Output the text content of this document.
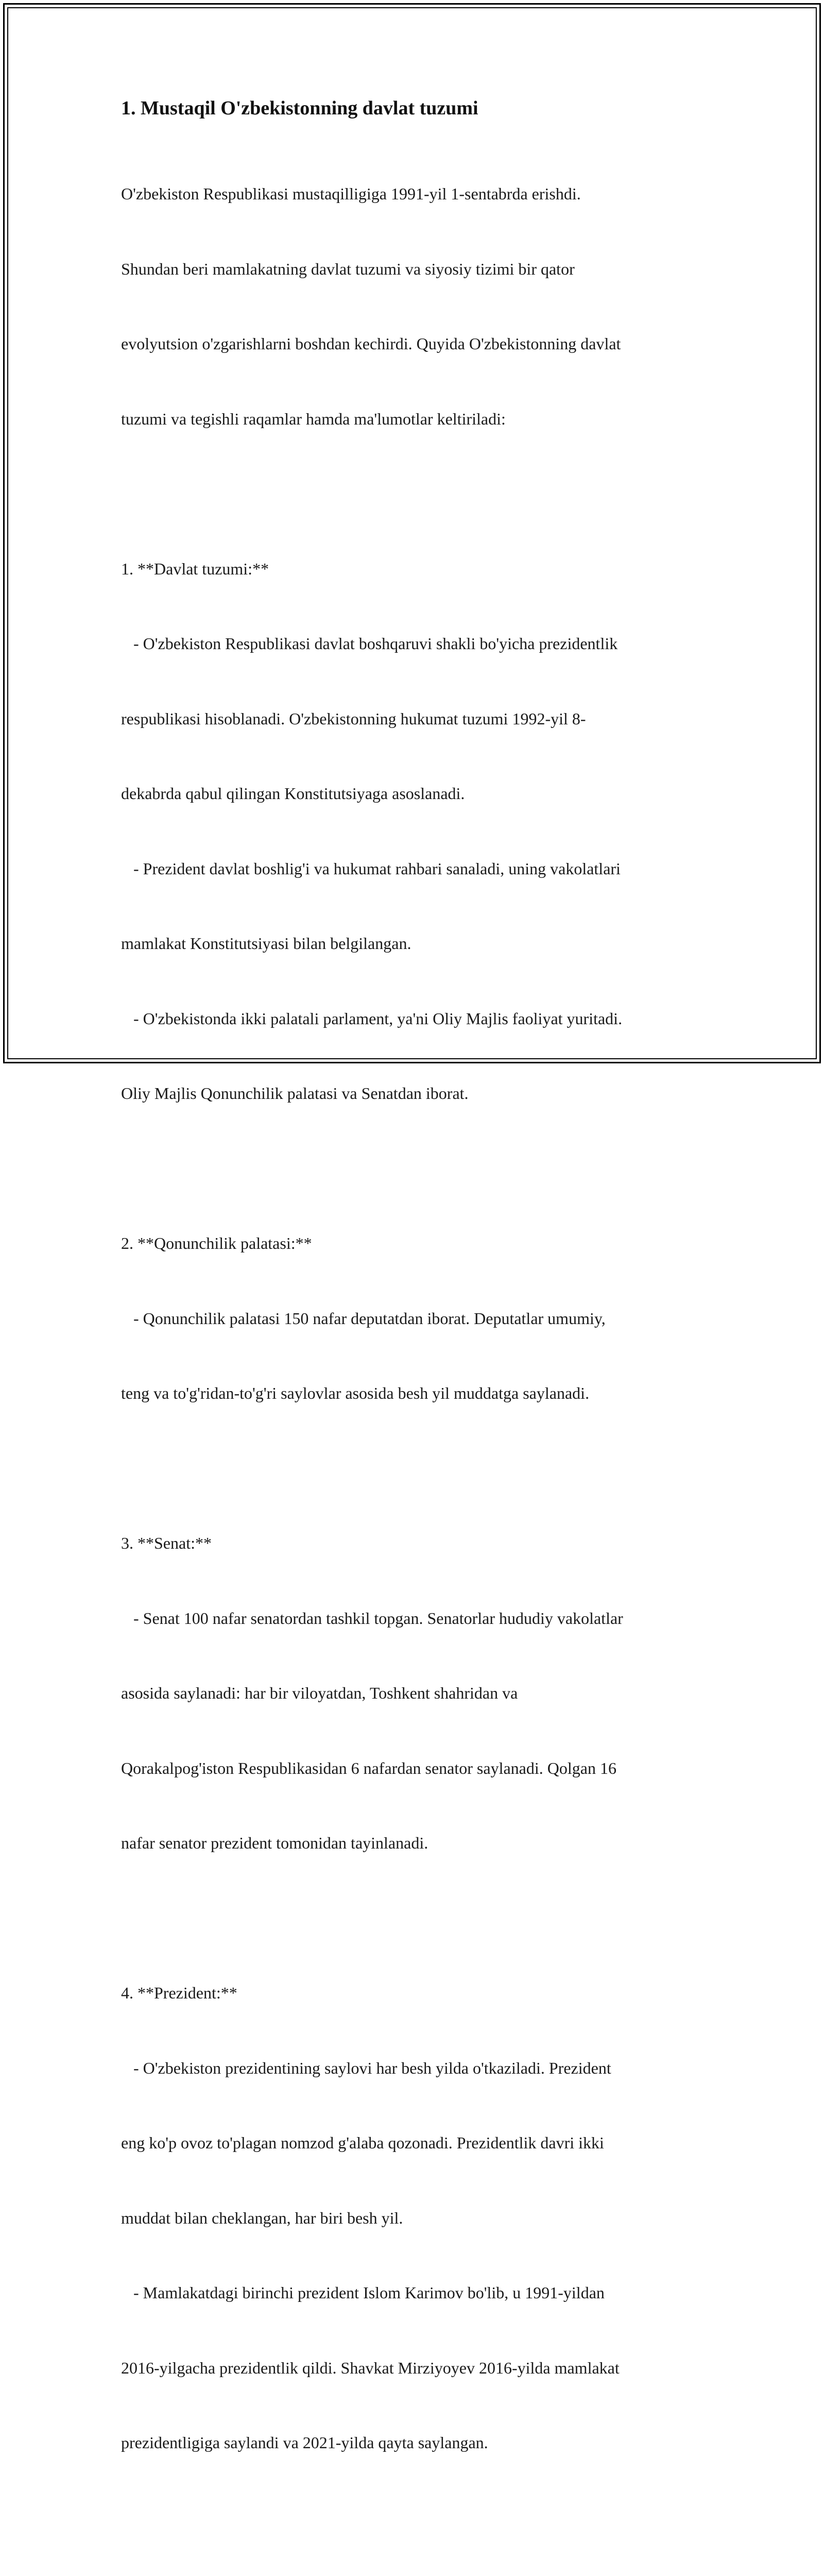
1. Mustaqil O'zbekistonning davlat tuzumi

O'zbekiston Respublikasi mustaqilligiga 1991-yil 1-sentabrda erishdi.

Shundan beri mamlakatning davlat tuzumi va siyosiy tizimi bir qator

evolyutsion o'zgarishlarni boshdan kechirdi. Quyida O'zbekistonning davlat

tuzumi va tegishli raqamlar hamda ma'lumotlar keltiriladi:

1. **Davlat tuzumi:**

- O'zbekiston Respublikasi davlat boshqaruvi shakli bo'yicha prezidentlik

respublikasi hisoblanadi. O'zbekistonning hukumat tuzumi 1992-yil 8-

dekabrda qabul qilingan Konstitutsiyaga asoslanadi.

- Prezident davlat boshlig'i va hukumat rahbari sanaladi, uning vakolatlari

mamlakat Konstitutsiyasi bilan belgilangan.

- O'zbekistonda ikki palatali parlament, ya'ni Oliy Majlis faoliyat yuritadi.

Oliy Majlis Qonunchilik palatasi va Senatdan iborat.

2. **Qonunchilik palatasi:**

- Qonunchilik palatasi 150 nafar deputatdan iborat. Deputatlar umumiy,

teng va to'g'ridan-to'g'ri saylovlar asosida besh yil muddatga saylanadi.

3. **Senat:**

- Senat 100 nafar senatordan tashkil topgan. Senatorlar hududiy vakolatlar

asosida saylanadi: har bir viloyatdan, Toshkent shahridan va

Qorakalpog'iston Respublikasidan 6 nafardan senator saylanadi. Qolgan 16

nafar senator prezident tomonidan tayinlanadi.

4. **Prezident:**

- O'zbekiston prezidentining saylovi har besh yilda o'tkaziladi. Prezident

eng ko'p ovoz to'plagan nomzod g'alaba qozonadi. Prezidentlik davri ikki

muddat bilan cheklangan, har biri besh yil.

- Mamlakatdagi birinchi prezident Islom Karimov bo'lib, u 1991-yildan

2016-yilgacha prezidentlik qildi. Shavkat Mirziyoyev 2016-yilda mamlakat

prezidentligiga saylandi va 2021-yilda qayta saylangan.
